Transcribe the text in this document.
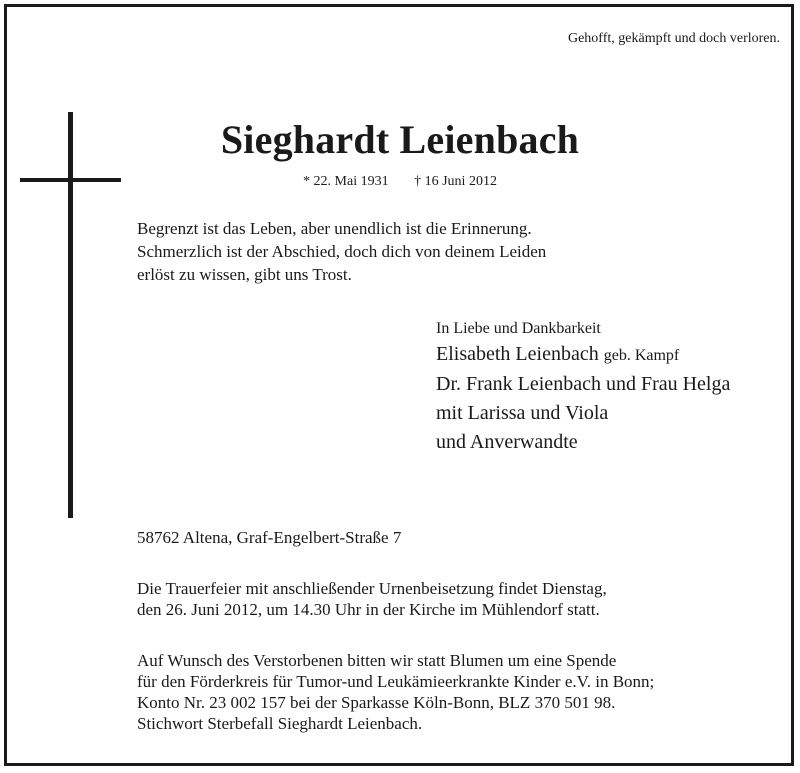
Gehofft, gekämpft und doch verloren.
Sieghardt Leienbach
* 22. Mai 1931 † 16 Juni 2012
Begrenzt ist das Leben, aber unendlich ist die Erinnerung.
Schmerzlich ist der Abschied, doch dich von deinem Leiden
erlöst zu wissen, gibt uns Trost.
In Liebe und Dankbarkeit
Elisabeth Leienbach geb. Kampf
Dr. Frank Leienbach und Frau Helga
mit Larissa und Viola
und Anverwandte
58762 Altena, Graf-Engelbert-Straße 7
Die Trauerfeier mit anschließender Urnenbeisetzung findet Dienstag,
den 26. Juni 2012, um 14.30 Uhr in der Kirche im Mühlendorf statt.
Auf Wunsch des Verstorbenen bitten wir statt Blumen um eine Spende
für den Förderkreis für Tumor-und Leukämieerkrankte Kinder e.V. in Bonn;
Konto Nr. 23 002 157 bei der Sparkasse Köln-Bonn, BLZ 370 501 98.
Stichwort Sterbefall Sieghardt Leienbach.
